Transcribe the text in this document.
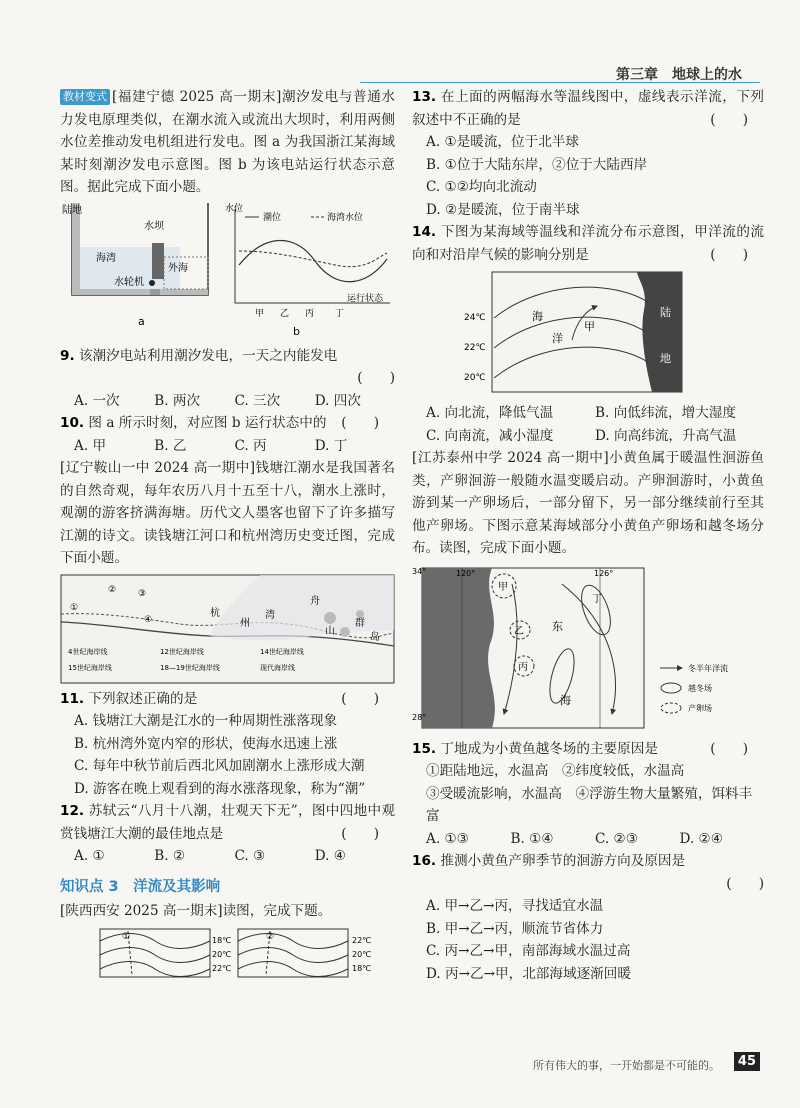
第三章　地球上的水

教材变式 [福建宁德 2025 高一期末]潮汐发电与普通水力发电原理类似，在潮水流入或流出大坝时，利用两侧水位差推动发电机组进行发电。图 a 为我国浙江某海域某时刻潮汐发电示意图。图 b 为该电站运行状态示意图。据此完成下面小题。

陆地
水坝
海湾
外海
水轮机
a
水位
潮位	海湾水位
甲 乙 丙 丁
运行状态
b

9. 该潮汐电站利用潮汐发电，一天之内能发电

(　　)

A. 一次	B. 两次	C. 三次	D. 四次

10. 图 a 所示时刻，对应图 b 运行状态中的 (　　)

A. 甲	B. 乙	C. 丙	D. 丁

[辽宁鞍山一中 2024 高一期中]钱塘江潮水是我国著名的自然奇观，每年农历八月十五至十八，潮水上涨时，观潮的游客挤满海塘。历代文人墨客也留下了许多描写江潮的诗文。读钱塘江河口和杭州湾历史变迁图，完成下面小题。

杭
州
湾
舟
山
群
岛
①
② ③
④
4世纪海岸线	12世纪海岸线	14世纪海岸线
15世纪海岸线	18—19世纪海岸线	现代海岸线

11. 下列叙述正确的是	(　　)

A. 钱塘江大潮是江水的一种周期性涨落现象

B. 杭州湾外宽内窄的形状，使海水迅速上涨

C. 每年中秋节前后西北风加剧潮水上涨形成大潮

D. 游客在晚上观看到的海水涨落现象，称为“潮”

12. 苏轼云“八月十八潮，壮观天下无”，图中四地中观赏钱塘江大潮的最佳地点是	(　　)

A. ①	B. ②	C. ③	D. ④
知识点 3　洋流及其影响

[陕西西安 2025 高一期末]读图，完成下题。

①	18℃
20℃
22℃
②	22℃
20℃
18℃

13. 在上面的两幅海水等温线图中，虚线表示洋流，下列叙述中不正确的是	(　　)

A. ①是暖流，位于北半球

B. ①位于大陆东岸，②位于大陆西岸

C. ①②均向北流动

D. ②是暖流，位于南半球

14. 下图为某海域等温线和洋流分布示意图，甲洋流的流向和对沿岸气候的影响分别是	(　　)

24℃
22℃
20℃
海
洋
甲
陆
地
A. 向北流，降低气温	B. 向低纬流，增大湿度
C. 向南流，减小湿度	D. 向高纬流，升高气温

[江苏泰州中学 2024 高一期中]小黄鱼属于暖温性洄游鱼类，产卵洄游一般随水温变暖启动。产卵洄游时，小黄鱼游到某一产卵场后，一部分留下，另一部分继续前行至其他产卵场。下图示意某海域部分小黄鱼产卵场和越冬场分布。读图，完成下面小题。

120°	126°
34°
28°
甲
乙
丙
丁
东
海
冬半年洋流
越冬场
产卵场

15. 丁地成为小黄鱼越冬场的主要原因是	(　　)

①距陆地远，水温高　 ②纬度较低，水温高

③受暖流影响，水温高　 ④浮游生物大量繁殖，饵料丰富

A. ①③	B. ①④	C. ②③	D. ②④

16. 推测小黄鱼产卵季节的洄游方向及原因是

(　　)

A. 甲→乙→丙，寻找适宜水温

B. 甲→乙→丙，顺流节省体力

C. 丙→乙→甲，南部海域水温过高

D. 丙→乙→甲，北部海域逐渐回暖

所有伟大的事，一开始都是不可能的。	45
